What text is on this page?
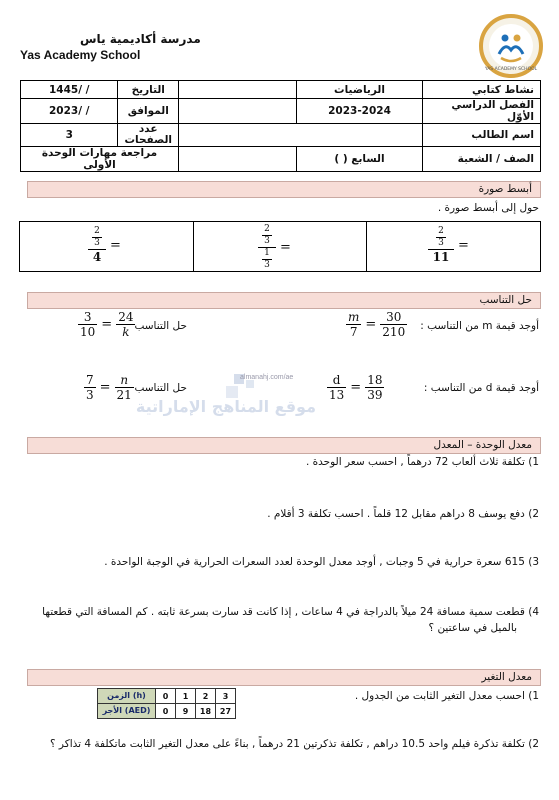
مدرسة أكاديمية ياس
Yas Academy School
YAS ACADEMY SCHOOL
نشاط كتابي	الرياضيات		التاريخ	/ /1445
الفصل الدراسي الأوّل	2023-2024		الموافق	/ /2023
اسم الطالب			عدد الصفحات	3
الصف / الشعبة	السابع ( )		مراجعة مهارات الوحدة الأولى	
أبسط صورة
حول إلى أبسط صورة .

$\frac{\frac{2}{3}}{11}$ =
$\frac{\frac{2}{3}}{\frac{1}{3}}$ =
$\frac{\frac{2}{3}}{4}$ =
حل التناسب
أوجد قيمة m من التناسب :
$\frac{m}{7} = \frac{30}{210}$
حل التناسب
$\frac{3}{10} = \frac{24}{k}$
أوجد قيمة d من التناسب :
$\frac{d}{13} = \frac{18}{39}$
حل التناسب
$\frac{7}{3} = \frac{n}{21}$
موقع المناهج الإماراتية
almanahj.com/ae
معدل الوحدة – المعدل
1) تكلفة ثلاث ألعاب 72 درهماً , احسب سعر الوحدة .
2) دفع يوسف 8 دراهم مقابل 12 قلماً . احسب تكلفة 3 أقلام .
3) 615 سعرة حرارية في 5 وجبات , أوجد معدل الوحدة لعدد السعرات الحرارية في الوجبة الواحدة .
4) قطعت سمية مسافة 24 ميلاً بالدراجة في 4 ساعات , إذا كانت قد سارت بسرعة ثابته . كم المسافة التي قطعتها
بالميل في ساعتين ؟
معدل التغير
1) احسب معدل التغير الثابت من الجدول .
الزمن (h)	0	1	2	3
الأجر (AED)	0	9	18	27
2) تكلفة تذكرة فيلم واحد 10.5 دراهم , تكلفة تذكرتين 21 درهماً , بناءً على معدل التغير الثابت ماتكلفة 4 تذاكر ؟
